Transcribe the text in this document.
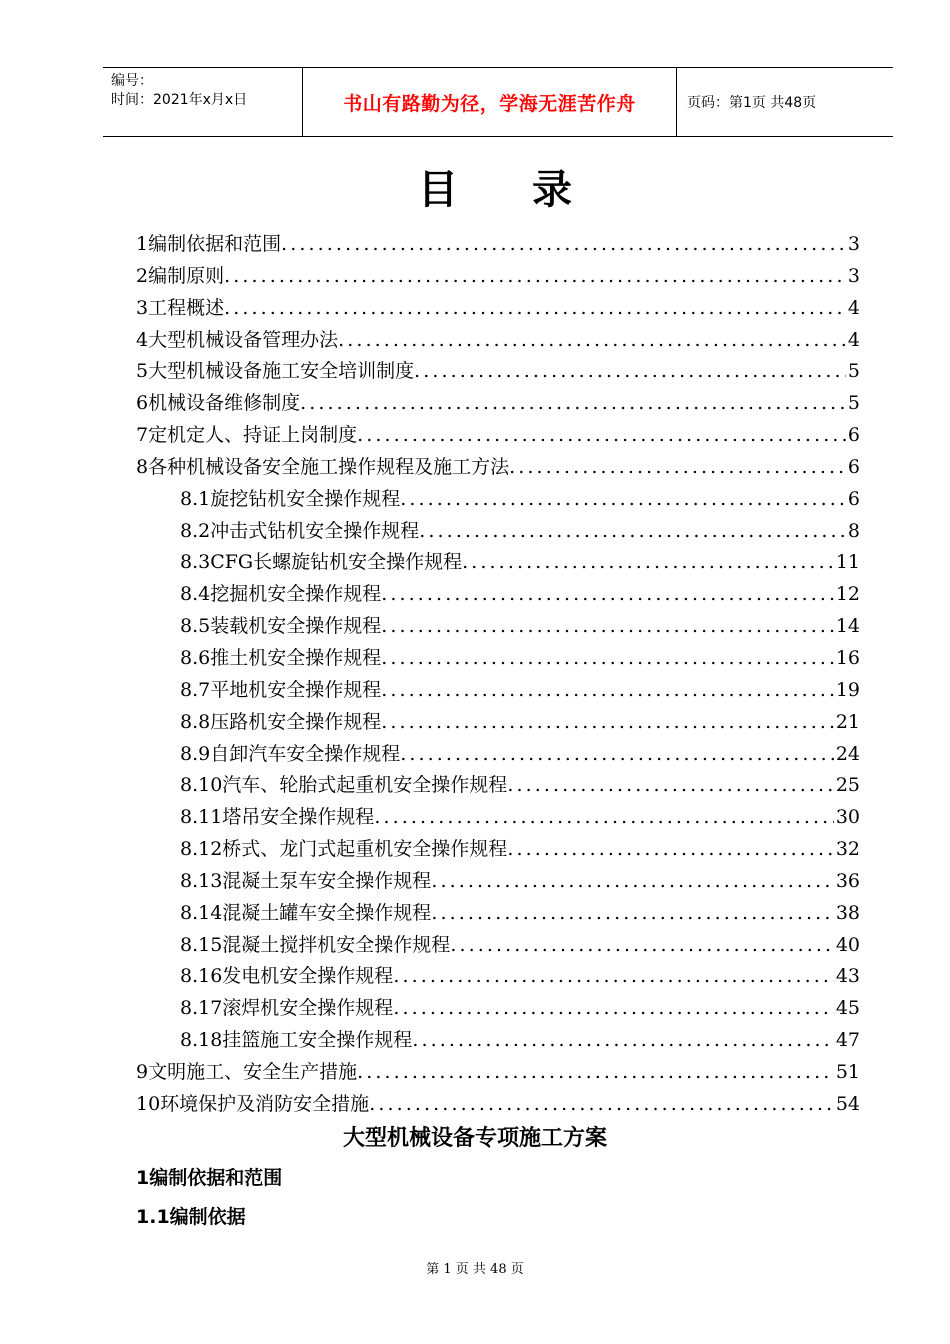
编号：
时间：2021年x月x日	书山有路勤为径，学海无涯苦作舟	页码：第1页 共48页
目 录
1编制依据和范围 .....	3
2编制原则 .....	3
3工程概述 .....	4
4大型机械设备管理办法 .....	4
5大型机械设备施工安全培训制度 .....	5
6机械设备维修制度 .....	5
7定机定人、持证上岗制度 .....	6
8各种机械设备安全施工操作规程及施工方法 .....	6
8.1旋挖钻机安全操作规程 .....	6
8.2冲击式钻机安全操作规程 .....	8
8.3CFG长螺旋钻机安全操作规程 .....	11
8.4挖掘机安全操作规程 .....	12
8.5装载机安全操作规程 .....	14
8.6推土机安全操作规程 .....	16
8.7平地机安全操作规程 .....	19
8.8压路机安全操作规程 .....	21
8.9自卸汽车安全操作规程 .....	24
8.10汽车、轮胎式起重机安全操作规程 .....	25
8.11塔吊安全操作规程 .....	30
8.12桥式、龙门式起重机安全操作规程 .....	32
8.13混凝土泵车安全操作规程 .....	36
8.14混凝土罐车安全操作规程 .....	38
8.15混凝土搅拌机安全操作规程 .....	40
8.16发电机安全操作规程 .....	43
8.17滚焊机安全操作规程 .....	45
8.18挂篮施工安全操作规程 .....	47
9文明施工、安全生产措施 .....	51
10环境保护及消防安全措施 .....	54
大型机械设备专项施工方案
1编制依据和范围
1.1编制依据
第 1 页 共 48 页
